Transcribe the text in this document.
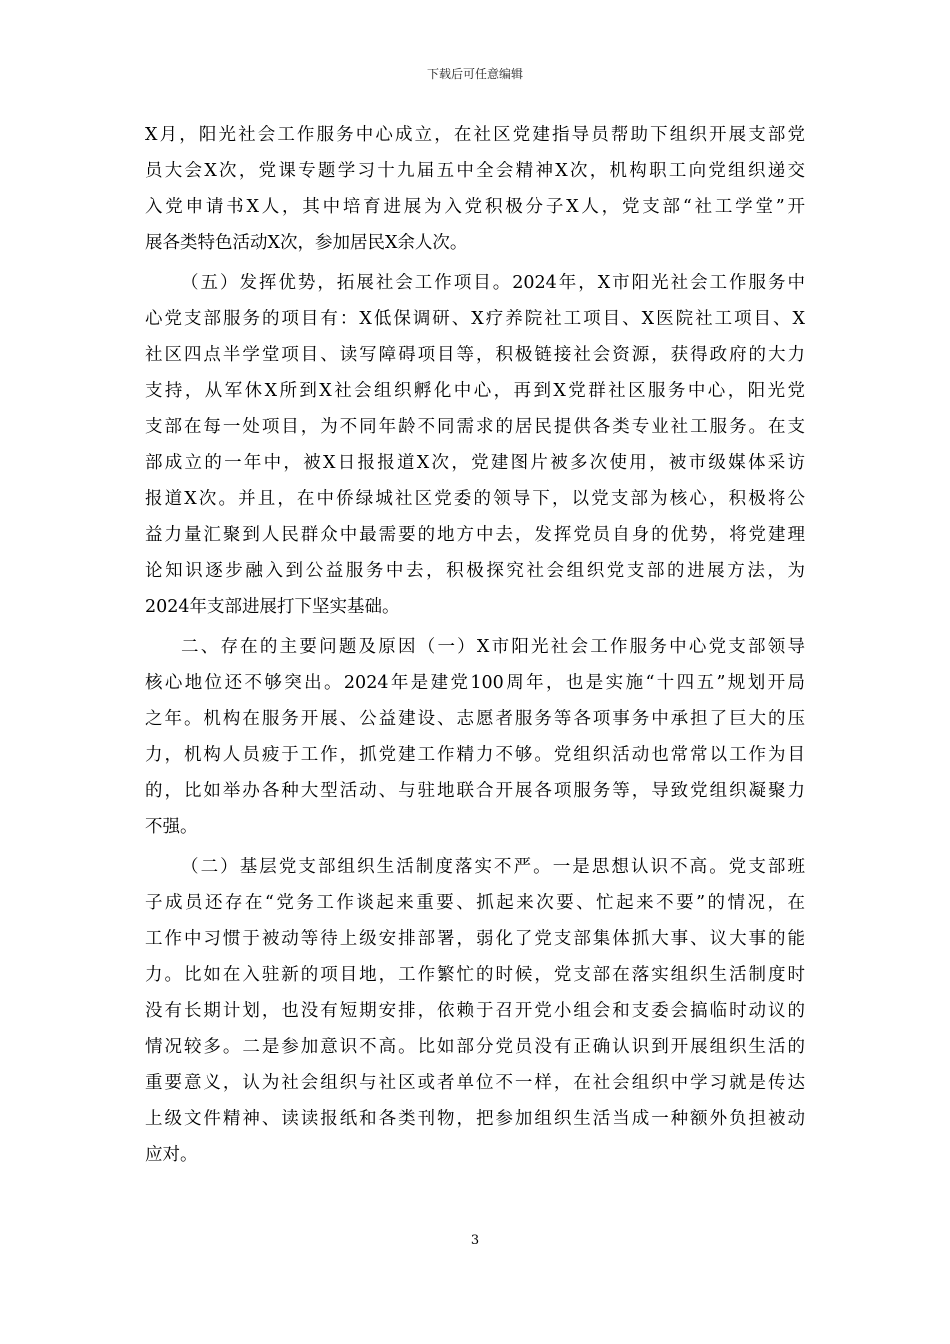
下载后可任意编辑
X月，阳光社会工作服务中心成立，在社区党建指导员帮助下组织开展支部党
员大会X次，党课专题学习十九届五中全会精神X次，机构职工向党组织递交
入党申请书X人，其中培育进展为入党积极分子X人，党支部“社工学堂”开
展各类特色活动X次，参加居民X余人次。
（五）发挥优势，拓展社会工作项目。2024年，X市阳光社会工作服务中
心党支部服务的项目有：X低保调研、X疗养院社工项目、X医院社工项目、X
社区四点半学堂项目、读写障碍项目等，积极链接社会资源，获得政府的大力
支持，从军休X所到X社会组织孵化中心，再到X党群社区服务中心，阳光党
支部在每一处项目，为不同年龄不同需求的居民提供各类专业社工服务。在支
部成立的一年中，被X日报报道X次，党建图片被多次使用，被市级媒体采访
报道X次。并且，在中侨绿城社区党委的领导下，以党支部为核心，积极将公
益力量汇聚到人民群众中最需要的地方中去，发挥党员自身的优势，将党建理
论知识逐步融入到公益服务中去，积极探究社会组织党支部的进展方法，为
2024年支部进展打下坚实基础。
二、存在的主要问题及原因（一）X市阳光社会工作服务中心党支部领导
核心地位还不够突出。2024年是建党100周年，也是实施“十四五”规划开局
之年。机构在服务开展、公益建设、志愿者服务等各项事务中承担了巨大的压
力，机构人员疲于工作，抓党建工作精力不够。党组织活动也常常以工作为目
的，比如举办各种大型活动、与驻地联合开展各项服务等，导致党组织凝聚力
不强。
（二）基层党支部组织生活制度落实不严。一是思想认识不高。党支部班
子成员还存在“党务工作谈起来重要、抓起来次要、忙起来不要”的情况，在
工作中习惯于被动等待上级安排部署，弱化了党支部集体抓大事、议大事的能
力。比如在入驻新的项目地，工作繁忙的时候，党支部在落实组织生活制度时
没有长期计划，也没有短期安排，依赖于召开党小组会和支委会搞临时动议的
情况较多。二是参加意识不高。比如部分党员没有正确认识到开展组织生活的
重要意义，认为社会组织与社区或者单位不一样，在社会组织中学习就是传达
上级文件精神、读读报纸和各类刊物，把参加组织生活当成一种额外负担被动
应对。
3
